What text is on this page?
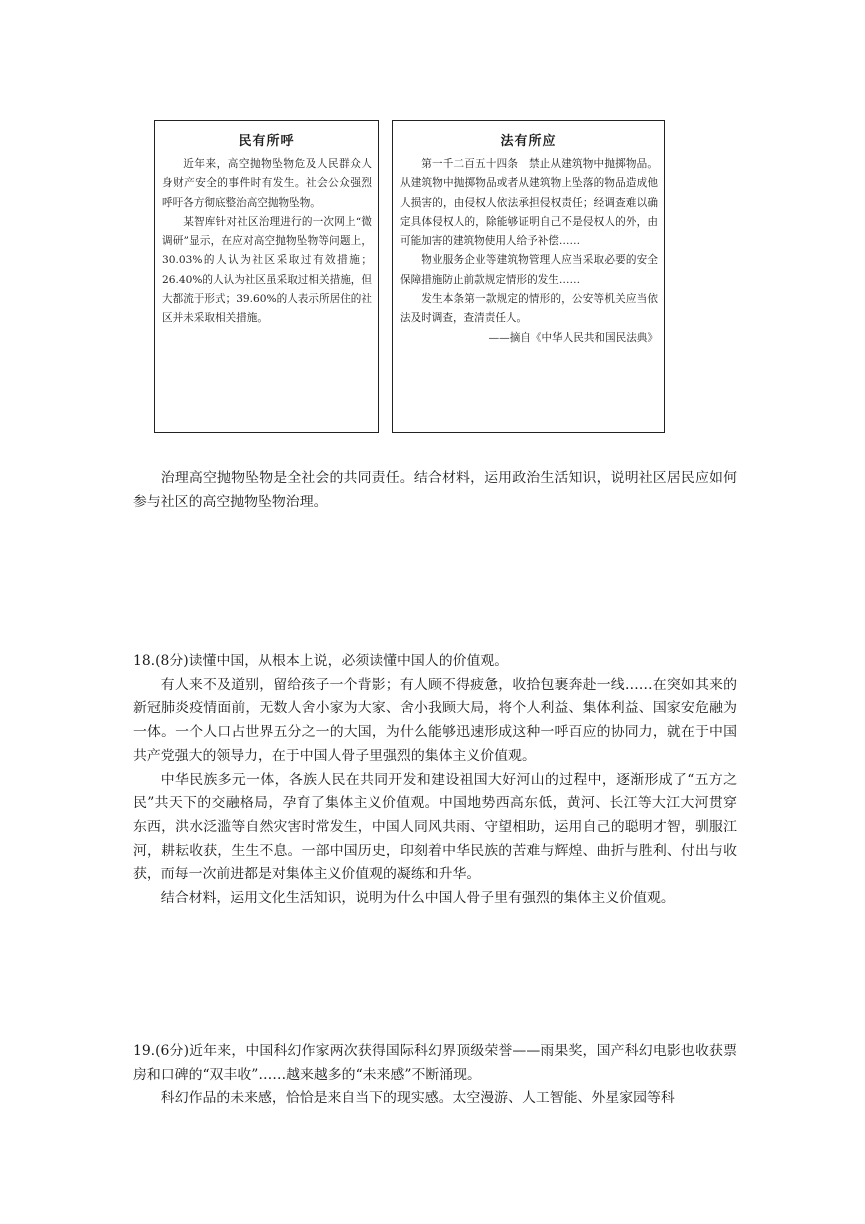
民有所呼

近年来，高空抛物坠物危及人民群众人身财产安全的事件时有发生。社会公众强烈呼吁各方彻底整治高空抛物坠物。

某智库针对社区治理进行的一次网上“微调研”显示，在应对高空抛物坠物等问题上，30.03%的人认为社区采取过有效措施；26.40%的人认为社区虽采取过相关措施，但大都流于形式；39.60%的人表示所居住的社区并未采取相关措施。

法有所应

第一千二百五十四条　禁止从建筑物中抛掷物品。从建筑物中抛掷物品或者从建筑物上坠落的物品造成他人损害的，由侵权人依法承担侵权责任；经调查难以确定具体侵权人的，除能够证明自己不是侵权人的外，由可能加害的建筑物使用人给予补偿……

物业服务企业等建筑物管理人应当采取必要的安全保障措施防止前款规定情形的发生……

发生本条第一款规定的情形的，公安等机关应当依法及时调查，查清责任人。

——摘自《中华人民共和国民法典》

治理高空抛物坠物是全社会的共同责任。结合材料，运用政治生活知识，说明社区居民应如何参与社区的高空抛物坠物治理。

18.(8分)读懂中国，从根本上说，必须读懂中国人的价值观。

有人来不及道别，留给孩子一个背影；有人顾不得疲惫，收拾包裹奔赴一线……在突如其来的新冠肺炎疫情面前，无数人舍小家为大家、舍小我顾大局，将个人利益、集体利益、国家安危融为一体。一个人口占世界五分之一的大国，为什么能够迅速形成这种一呼百应的协同力，就在于中国共产党强大的领导力，在于中国人骨子里强烈的集体主义价值观。

中华民族多元一体，各族人民在共同开发和建设祖国大好河山的过程中，逐渐形成了“五方之民”共天下的交融格局，孕育了集体主义价值观。中国地势西高东低，黄河、长江等大江大河贯穿东西，洪水泛滥等自然灾害时常发生，中国人同风共雨、守望相助，运用自己的聪明才智，驯服江河，耕耘收获，生生不息。一部中国历史，印刻着中华民族的苦难与辉煌、曲折与胜利、付出与收获，而每一次前进都是对集体主义价值观的凝练和升华。

结合材料，运用文化生活知识，说明为什么中国人骨子里有强烈的集体主义价值观。

19.(6分)近年来，中国科幻作家两次获得国际科幻界顶级荣誉——雨果奖，国产科幻电影也收获票房和口碑的“双丰收”……越来越多的“未来感”不断涌现。

科幻作品的未来感，恰恰是来自当下的现实感。太空漫游、人工智能、外星家园等科
